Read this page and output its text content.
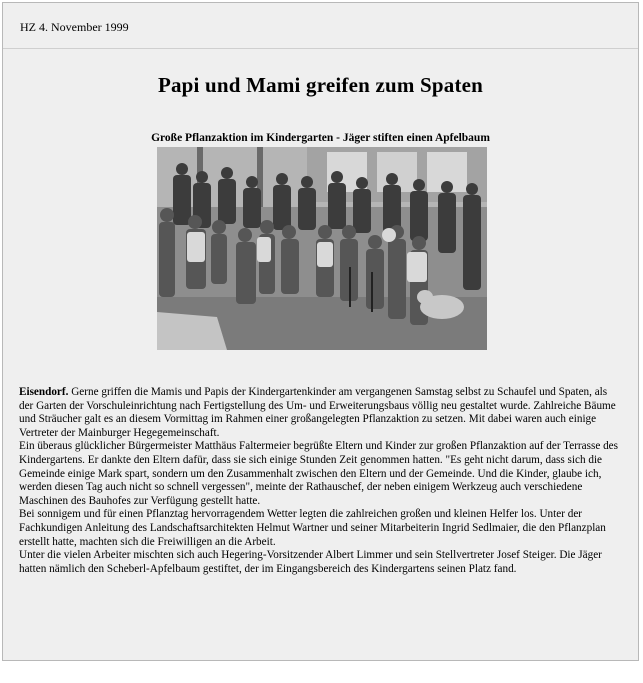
HZ 4. November 1999
Papi und Mami greifen zum Spaten
Große Pflanzaktion im Kindergarten - Jäger stiften einen Apfelbaum

Eisendorf. Gerne griffen die Mamis und Papis der Kindergartenkinder am vergangenen Samstag selbst zu Schaufel und Spaten, als der Garten der Vorschuleinrichtung nach Fertigstellung des Um- und Erweiterungsbaus völlig neu gestaltet wurde. Zahlreiche Bäume und Sträucher galt es an diesem Vormittag im Rahmen einer großangelegten Pflanzaktion zu setzen. Mit dabei waren auch einige Vertreter der Mainburger Hegegemeinschaft.

Ein überaus glücklicher Bürgermeister Matthäus Faltermeier begrüßte Eltern und Kinder zur großen Pflanzaktion auf der Terrasse des Kindergartens. Er dankte den Eltern dafür, dass sie sich einige Stunden Zeit genommen hatten. "Es geht nicht darum, dass sich die Gemeinde einige Mark spart, sondern um den Zusammenhalt zwischen den Eltern und der Gemeinde. Und die Kinder, glaube ich, werden diesen Tag auch nicht so schnell vergessen", meinte der Rathauschef, der neben einigem Werkzeug auch verschiedene Maschinen des Bauhofes zur Verfügung gestellt hatte.

Bei sonnigem und für einen Pflanztag hervorragendem Wetter legten die zahlreichen großen und kleinen Helfer los. Unter der Fachkundigen Anleitung des Landschaftsarchitekten Helmut Wartner und seiner Mitarbeiterin Ingrid Sedlmaier, die den Pflanzplan erstellt hatte, machten sich die Freiwilligen an die Arbeit.

Unter die vielen Arbeiter mischten sich auch Hegering-Vorsitzender Albert Limmer und sein Stellvertreter Josef Steiger. Die Jäger hatten nämlich den Scheberl-Apfelbaum gestiftet, der im Eingangsbereich des Kindergartens seinen Platz fand.
